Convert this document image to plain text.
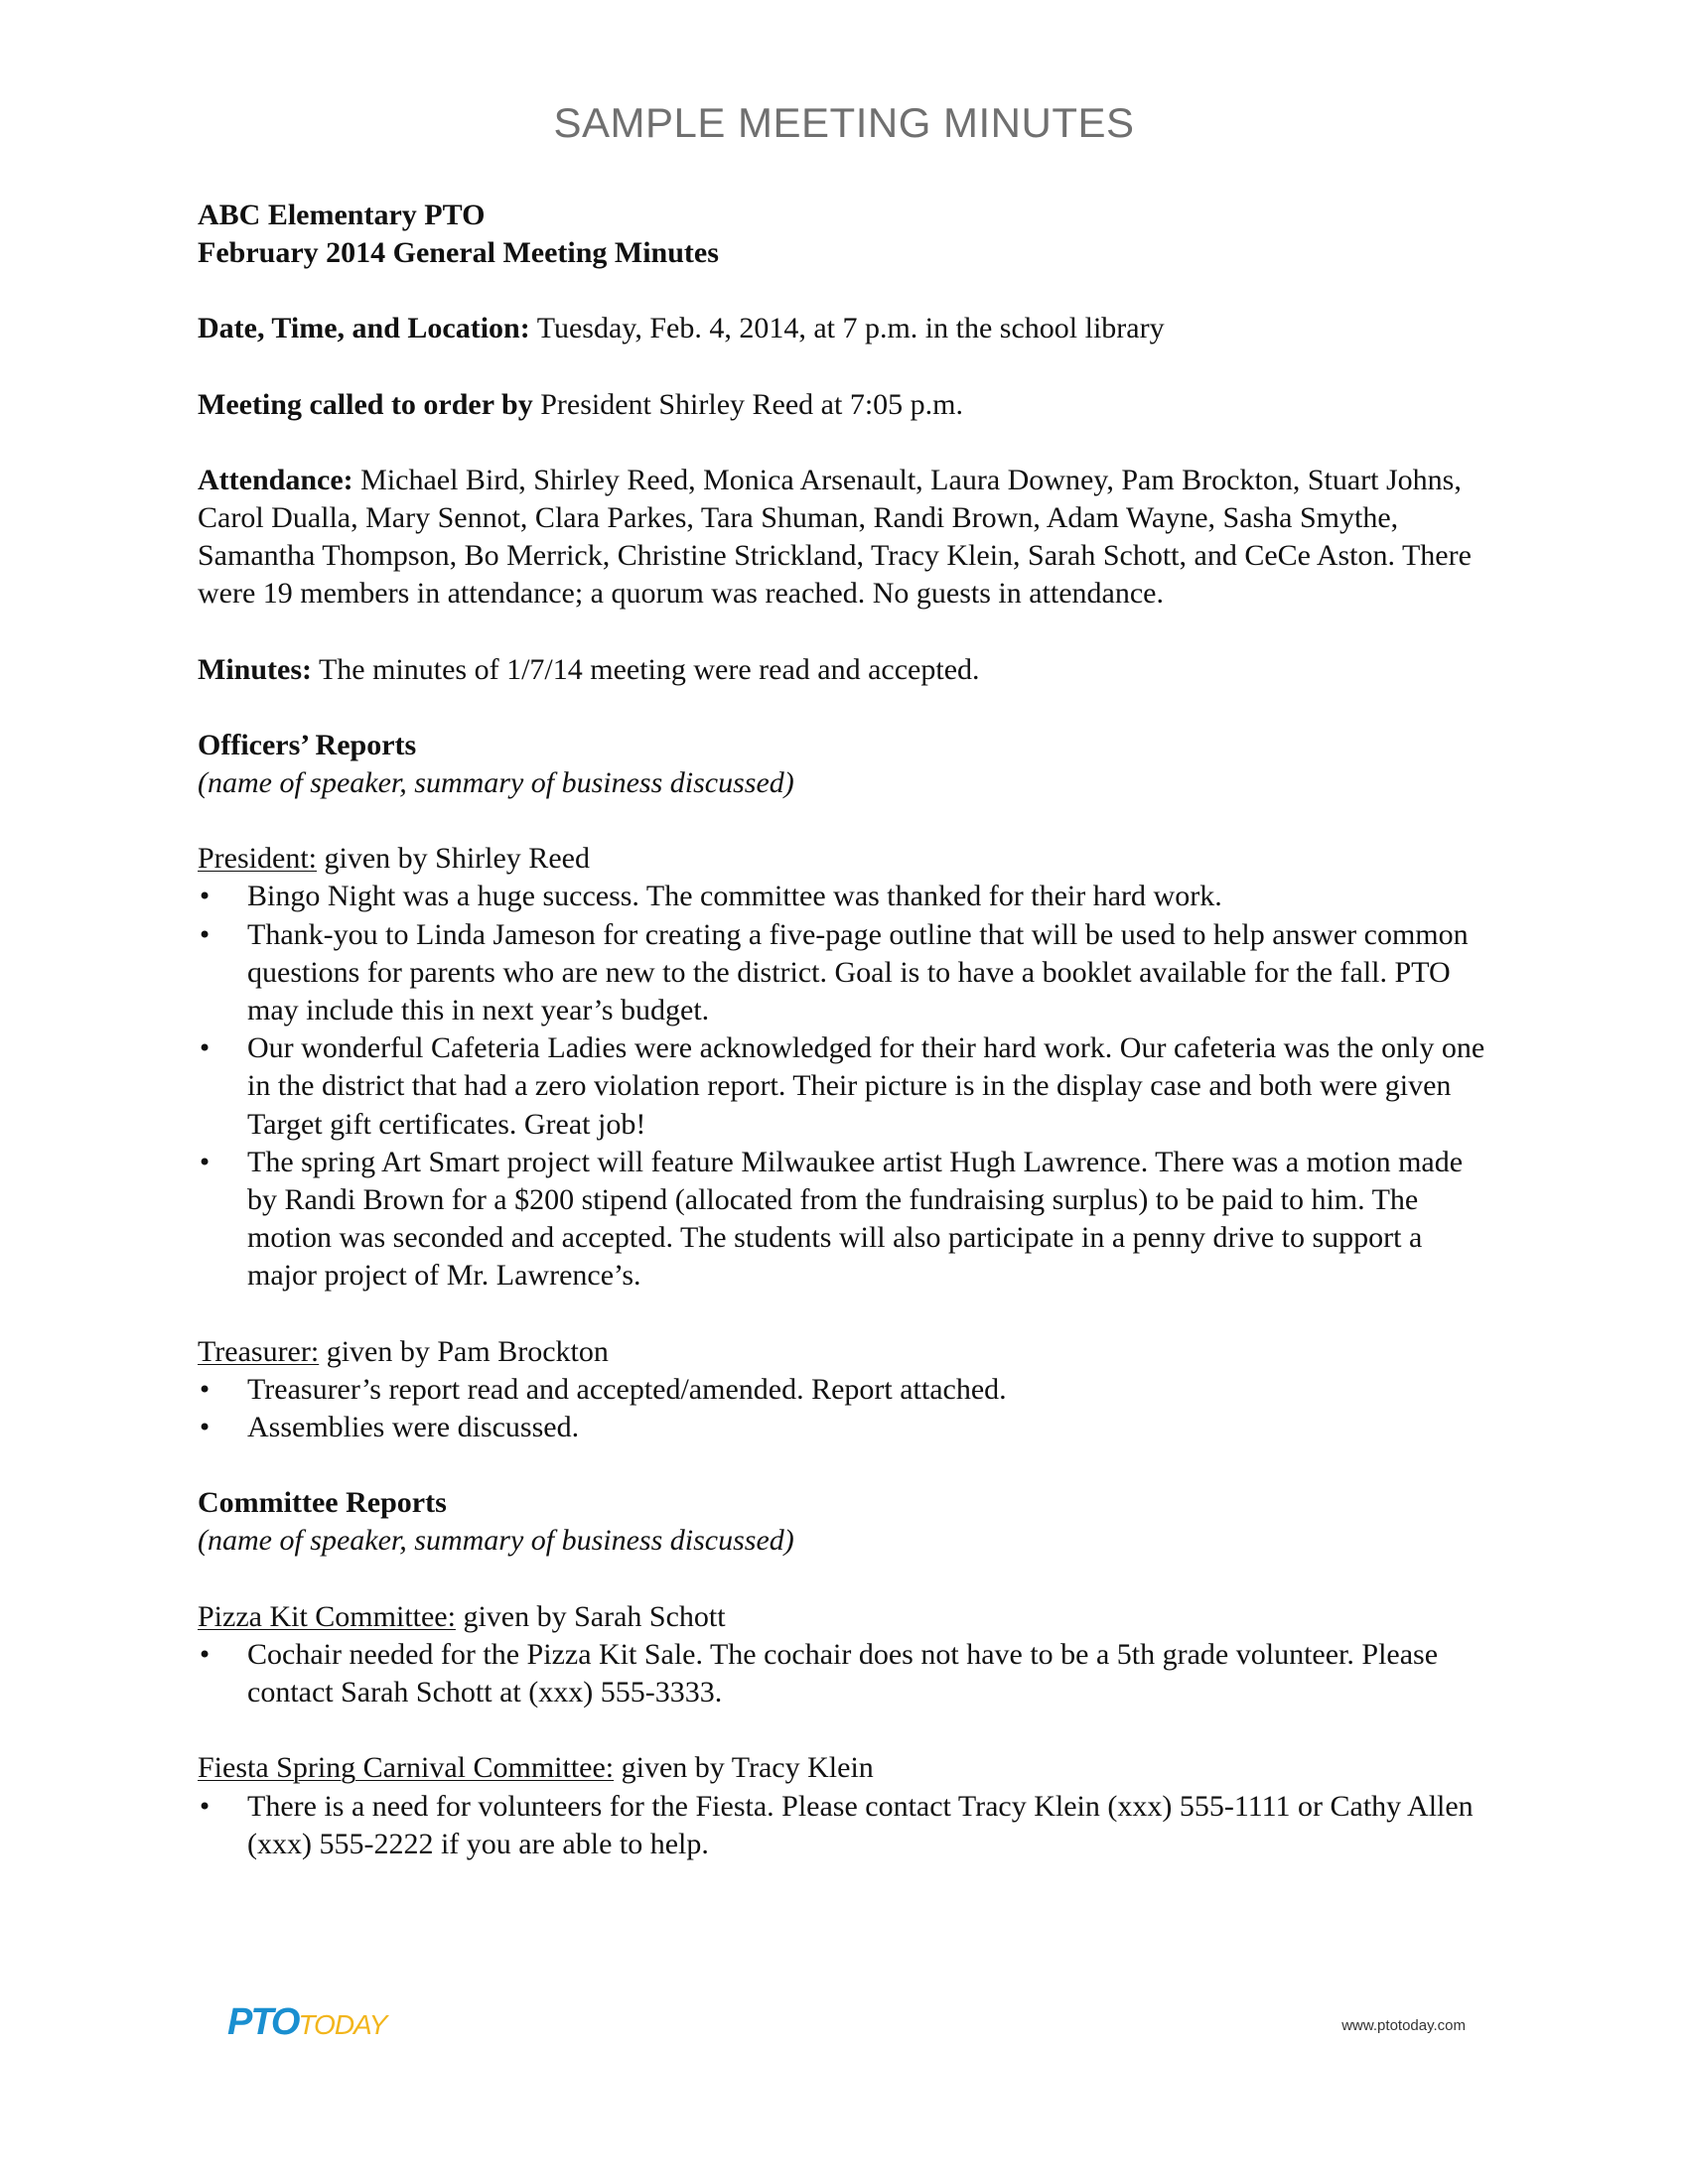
SAMPLE MEETING MINUTES

ABC Elementary PTO

February 2014 General Meeting Minutes

Date, Time, and Location: Tuesday, Feb. 4, 2014, at 7 p.m. in the school library

Meeting called to order by President Shirley Reed at 7:05 p.m.

Attendance: Michael Bird, Shirley Reed, Monica Arsenault, Laura Downey, Pam Brockton, Stuart Johns, Carol Dualla, Mary Sennot, Clara Parkes, Tara Shuman, Randi Brown, Adam Wayne, Sasha Smythe, Samantha Thompson, Bo Merrick, Christine Strickland, Tracy Klein, Sarah Schott, and CeCe Aston. There were 19 members in attendance; a quorum was reached. No guests in attendance.

Minutes: The minutes of 1/7/14 meeting were read and accepted.

Officers’ Reports

(name of speaker, summary of business discussed)

President: given by Shirley Reed

• Bingo Night was a huge success. The committee was thanked for their hard work.
• Thank-you to Linda Jameson for creating a five-page outline that will be used to help answer common questions for parents who are new to the district. Goal is to have a booklet available for the fall. PTO may include this in next year’s budget.
• Our wonderful Cafeteria Ladies were acknowledged for their hard work. Our cafeteria was the only one in the district that had a zero violation report. Their picture is in the display case and both were given Target gift certificates. Great job!
• The spring Art Smart project will feature Milwaukee artist Hugh Lawrence. There was a motion made by Randi Brown for a $200 stipend (allocated from the fundraising surplus) to be paid to him. The motion was seconded and accepted. The students will also participate in a penny drive to support a major project of Mr. Lawrence’s.

Treasurer: given by Pam Brockton

• Treasurer’s report read and accepted/amended. Report attached.
• Assemblies were discussed.

Committee Reports

(name of speaker, summary of business discussed)

Pizza Kit Committee: given by Sarah Schott

• Cochair needed for the Pizza Kit Sale. The cochair does not have to be a 5th grade volunteer. Please contact Sarah Schott at (xxx) 555-3333.

Fiesta Spring Carnival Committee: given by Tracy Klein

• There is a need for volunteers for the Fiesta. Please contact Tracy Klein (xxx) 555-1111 or Cathy Allen (xxx) 555-2222 if you are able to help.
PTOTODAY	www.ptotoday.com
